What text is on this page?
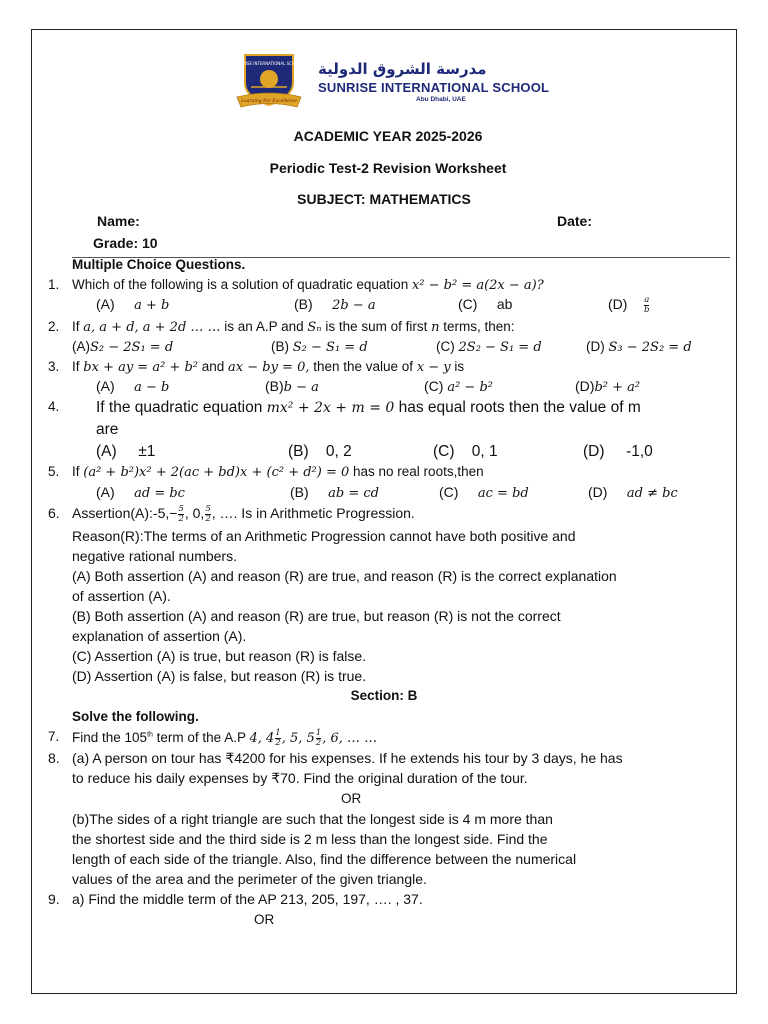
SUNRISE INTERNATIONAL SCHOOL
Learning For Excellence
مدرسة الشروق الدولية
SUNRISE INTERNATIONAL SCHOOL
Abu Dhabi, UAE
ACADEMIC YEAR 2025-2026
Periodic Test-2 Revision Worksheet
SUBJECT: MATHEMATICS
Name:	Date:
Grade: 10
Multiple Choice Questions.
1. Which of the following is a solution of quadratic equation x² − b² = a(2x − a)?
(A) a + b	(B) 2b − a	(C) ab	$(D) \frac{a}{b}$
2. If a, a + d, a + 2d … … is an A.P and Sₙ is the sum of first n terms, then:
(A)S₂ − 2S₁ = d	(B) S₂ − S₁ = d	(C) 2S₂ − S₁ = d	(D) S₃ − 2S₂ = d
3. If bx + ay = a² + b² and ax − by = 0, then the value of x − y is
(A) a − b	(B)b − a	(C) a² − b²	(D)b² + a²
4. If the quadratic equation mx² + 2x + m = 0 has equal roots then the value of m
are
(A) ±1	(B) 0, 2	(C) 0, 1	(D) -1,0
5. If (a² + b²)x² + 2(ac + bd)x + (c² + d²) = 0 has no real roots,then
(A) ad = bc	(B) ab = cd	(C) ac = bd	(D) ad ≠ bc
6. Assertion(A):-5,− $\frac{5}{2}$ , 0, $\frac{5}{2}$ , …. Is in Arithmetic Progression.
Reason(R):The terms of an Arithmetic Progression cannot have both positive and
negative rational numbers.
(A) Both assertion (A) and reason (R) are true, and reason (R) is the correct explanation
of assertion (A).
(B) Both assertion (A) and reason (R) are true, but reason (R) is not the correct
explanation of assertion (A).
(C) Assertion (A) is true, but reason (R) is false.
(D) Assertion (A) is false, but reason (R) is true.
Section: B
Solve the following.
7. Find the 105th term of the A.P 4, $4 \frac{1}{2}$ , 5, $5 \frac{1}{2}$ , 6, … …
8. (a) A person on tour has ₹4200 for his expenses. If he extends his tour by 3 days, he has
to reduce his daily expenses by ₹70. Find the original duration of the tour.
OR
(b)The sides of a right triangle are such that the longest side is 4 m more than
the shortest side and the third side is 2 m less than the longest side. Find the
length of each side of the triangle. Also, find the difference between the numerical
values of the area and the perimeter of the given triangle.
9. a) Find the middle term of the AP 213, 205, 197, …. , 37.
OR
